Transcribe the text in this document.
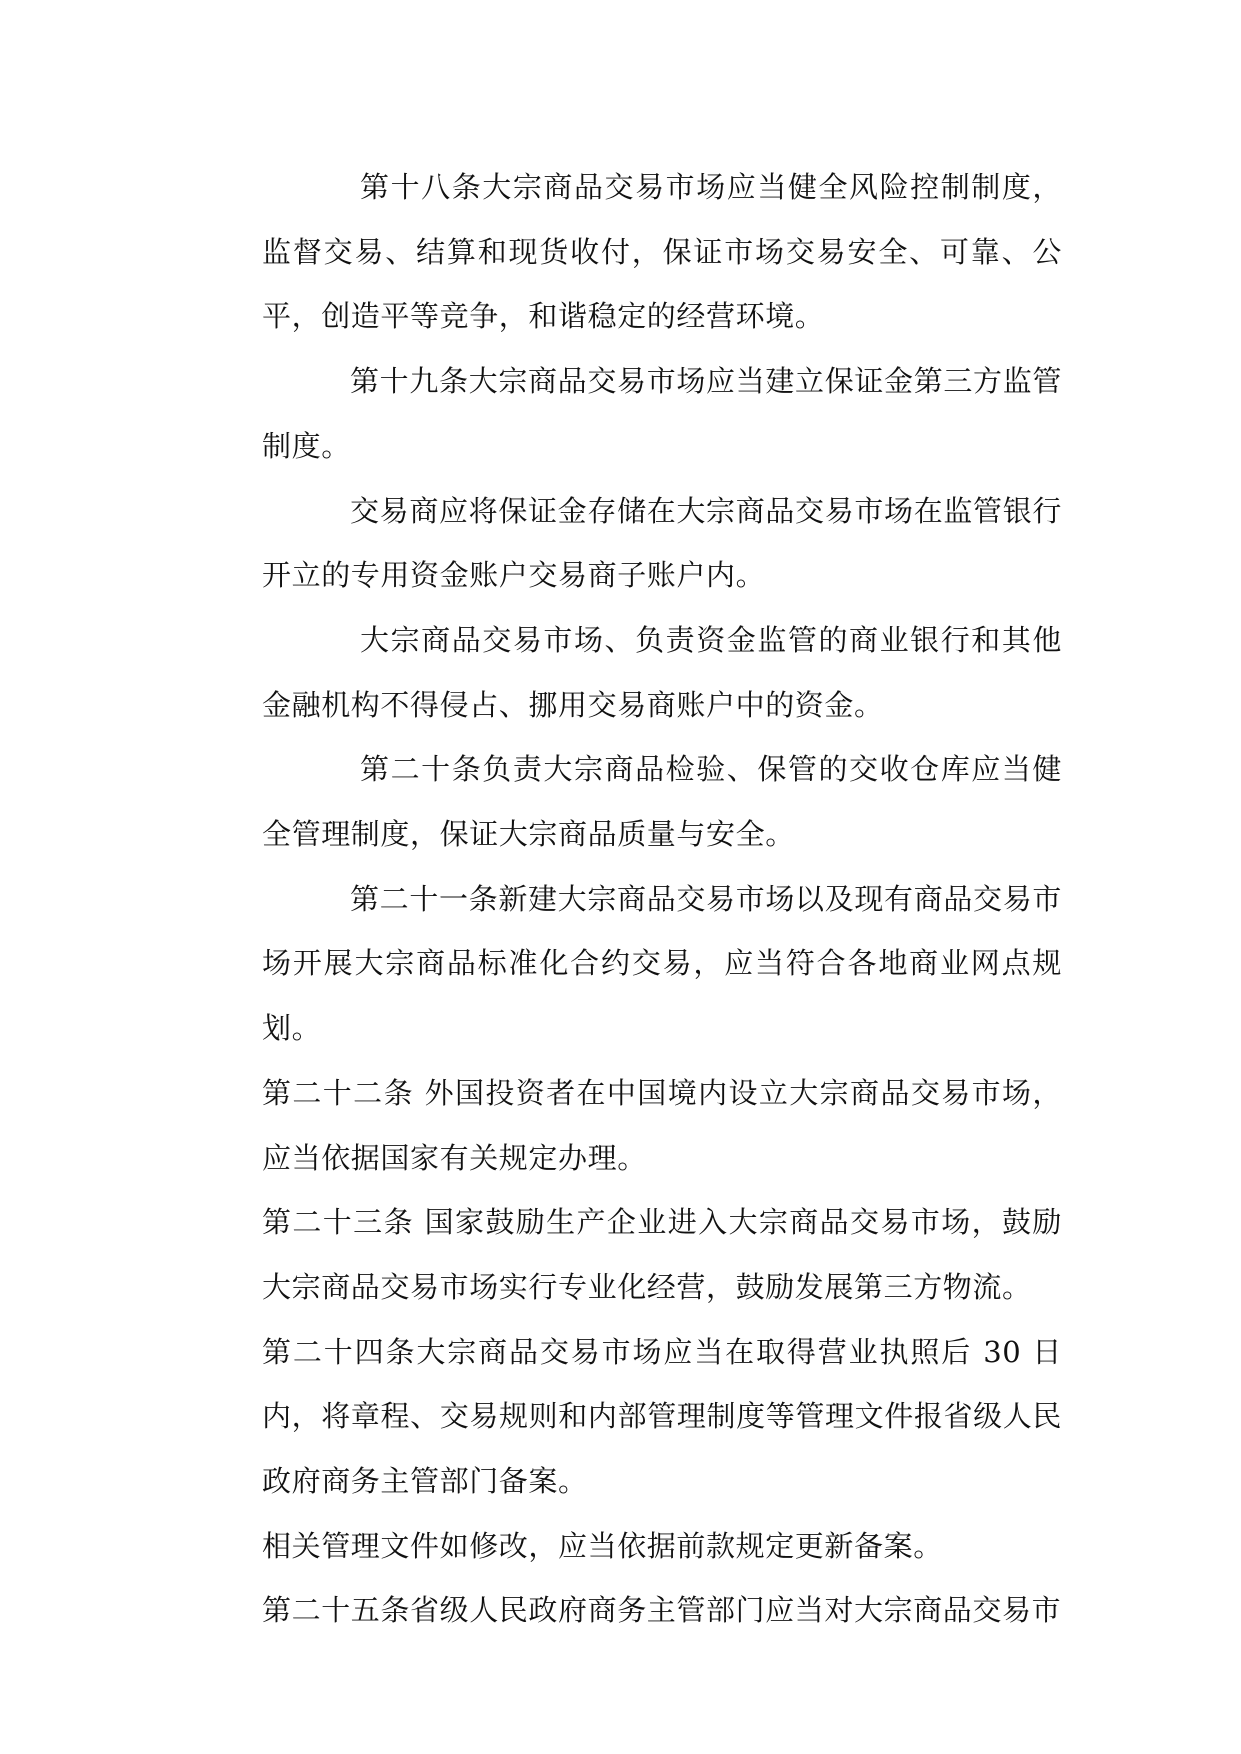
第十八条大宗商品交易市场应当健全风险控制制度，监督交易、结算和现货收付，保证市场交易安全、可靠、公平，创造平等竞争，和谐稳定的经营环境。

第十九条大宗商品交易市场应当建立保证金第三方监管制度。

交易商应将保证金存储在大宗商品交易市场在监管银行开立的专用资金账户交易商子账户内。

大宗商品交易市场、负责资金监管的商业银行和其他金融机构不得侵占、挪用交易商账户中的资金。

第二十条负责大宗商品检验、保管的交收仓库应当健全管理制度，保证大宗商品质量与安全。

第二十一条新建大宗商品交易市场以及现有商品交易市场开展大宗商品标准化合约交易，应当符合各地商业网点规划。

第二十二条 外国投资者在中国境内设立大宗商品交易市场，应当依据国家有关规定办理。

第二十三条 国家鼓励生产企业进入大宗商品交易市场，鼓励大宗商品交易市场实行专业化经营，鼓励发展第三方物流。

第二十四条大宗商品交易市场应当在取得营业执照后 30 日内，将章程、交易规则和内部管理制度等管理文件报省级人民政府商务主管部门备案。

相关管理文件如修改，应当依据前款规定更新备案。

第二十五条省级人民政府商务主管部门应当对大宗商品交易市
